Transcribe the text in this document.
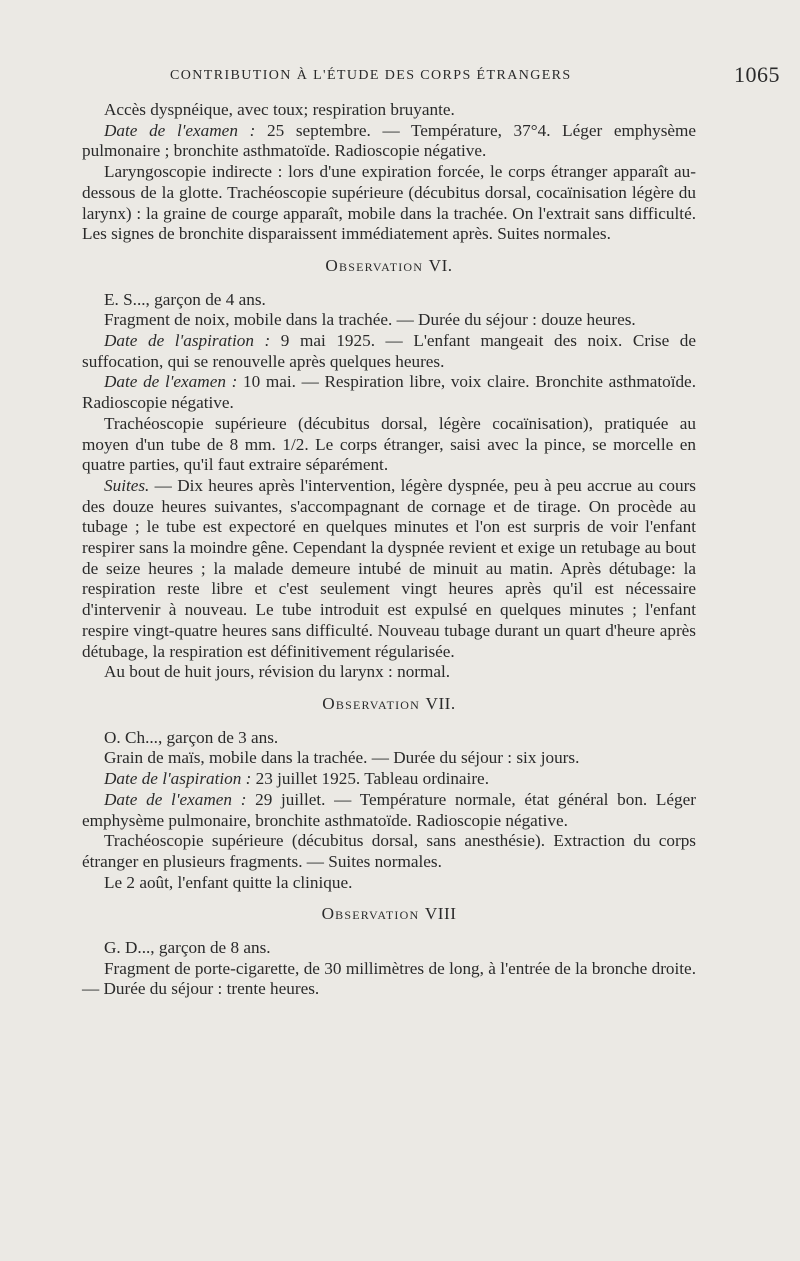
CONTRIBUTION À L'ÉTUDE DES CORPS ÉTRANGERS	1065

Accès dyspnéique, avec toux; respiration bruyante.

Date de l'examen : 25 septembre. — Température, 37°4. Léger emphysème pulmonaire ; bronchite asthmatoïde. Radioscopie négative.

Laryngoscopie indirecte : lors d'une expiration forcée, le corps étranger apparaît au-dessous de la glotte. Trachéoscopie supérieure (décubitus dorsal, cocaïnisation légère du larynx) : la graine de courge apparaît, mobile dans la trachée. On l'extrait sans difficulté. Les signes de bronchite disparaissent immédiatement après. Suites normales.

Observation VI.

E. S..., garçon de 4 ans.

Fragment de noix, mobile dans la trachée. — Durée du séjour : douze heures.

Date de l'aspiration : 9 mai 1925. — L'enfant mangeait des noix. Crise de suffocation, qui se renouvelle après quelques heures.

Date de l'examen : 10 mai. — Respiration libre, voix claire. Bronchite asthmatoïde. Radioscopie négative.

Trachéoscopie supérieure (décubitus dorsal, légère cocaïnisation), pratiquée au moyen d'un tube de 8 mm. 1/2. Le corps étranger, saisi avec la pince, se morcelle en quatre parties, qu'il faut extraire séparément.

Suites. — Dix heures après l'intervention, légère dyspnée, peu à peu accrue au cours des douze heures suivantes, s'accompagnant de cornage et de tirage. On procède au tubage ; le tube est expectoré en quelques minutes et l'on est surpris de voir l'enfant respirer sans la moindre gêne. Cependant la dyspnée revient et exige un retubage au bout de seize heures ; la malade demeure intubé de minuit au matin. Après détubage: la respiration reste libre et c'est seulement vingt heures après qu'il est nécessaire d'intervenir à nouveau. Le tube introduit est expulsé en quelques minutes ; l'enfant respire vingt-quatre heures sans difficulté. Nouveau tubage durant un quart d'heure après détubage, la respiration est définitivement régularisée.

Au bout de huit jours, révision du larynx : normal.

Observation VII.

O. Ch..., garçon de 3 ans.

Grain de maïs, mobile dans la trachée. — Durée du séjour : six jours.

Date de l'aspiration : 23 juillet 1925. Tableau ordinaire.

Date de l'examen : 29 juillet. — Température normale, état général bon. Léger emphysème pulmonaire, bronchite asthmatoïde. Radioscopie négative.

Trachéoscopie supérieure (décubitus dorsal, sans anesthésie). Extraction du corps étranger en plusieurs fragments. — Suites normales.

Le 2 août, l'enfant quitte la clinique.

Observation VIII

G. D..., garçon de 8 ans.

Fragment de porte-cigarette, de 30 millimètres de long, à l'entrée de la bronche droite. — Durée du séjour : trente heures.
